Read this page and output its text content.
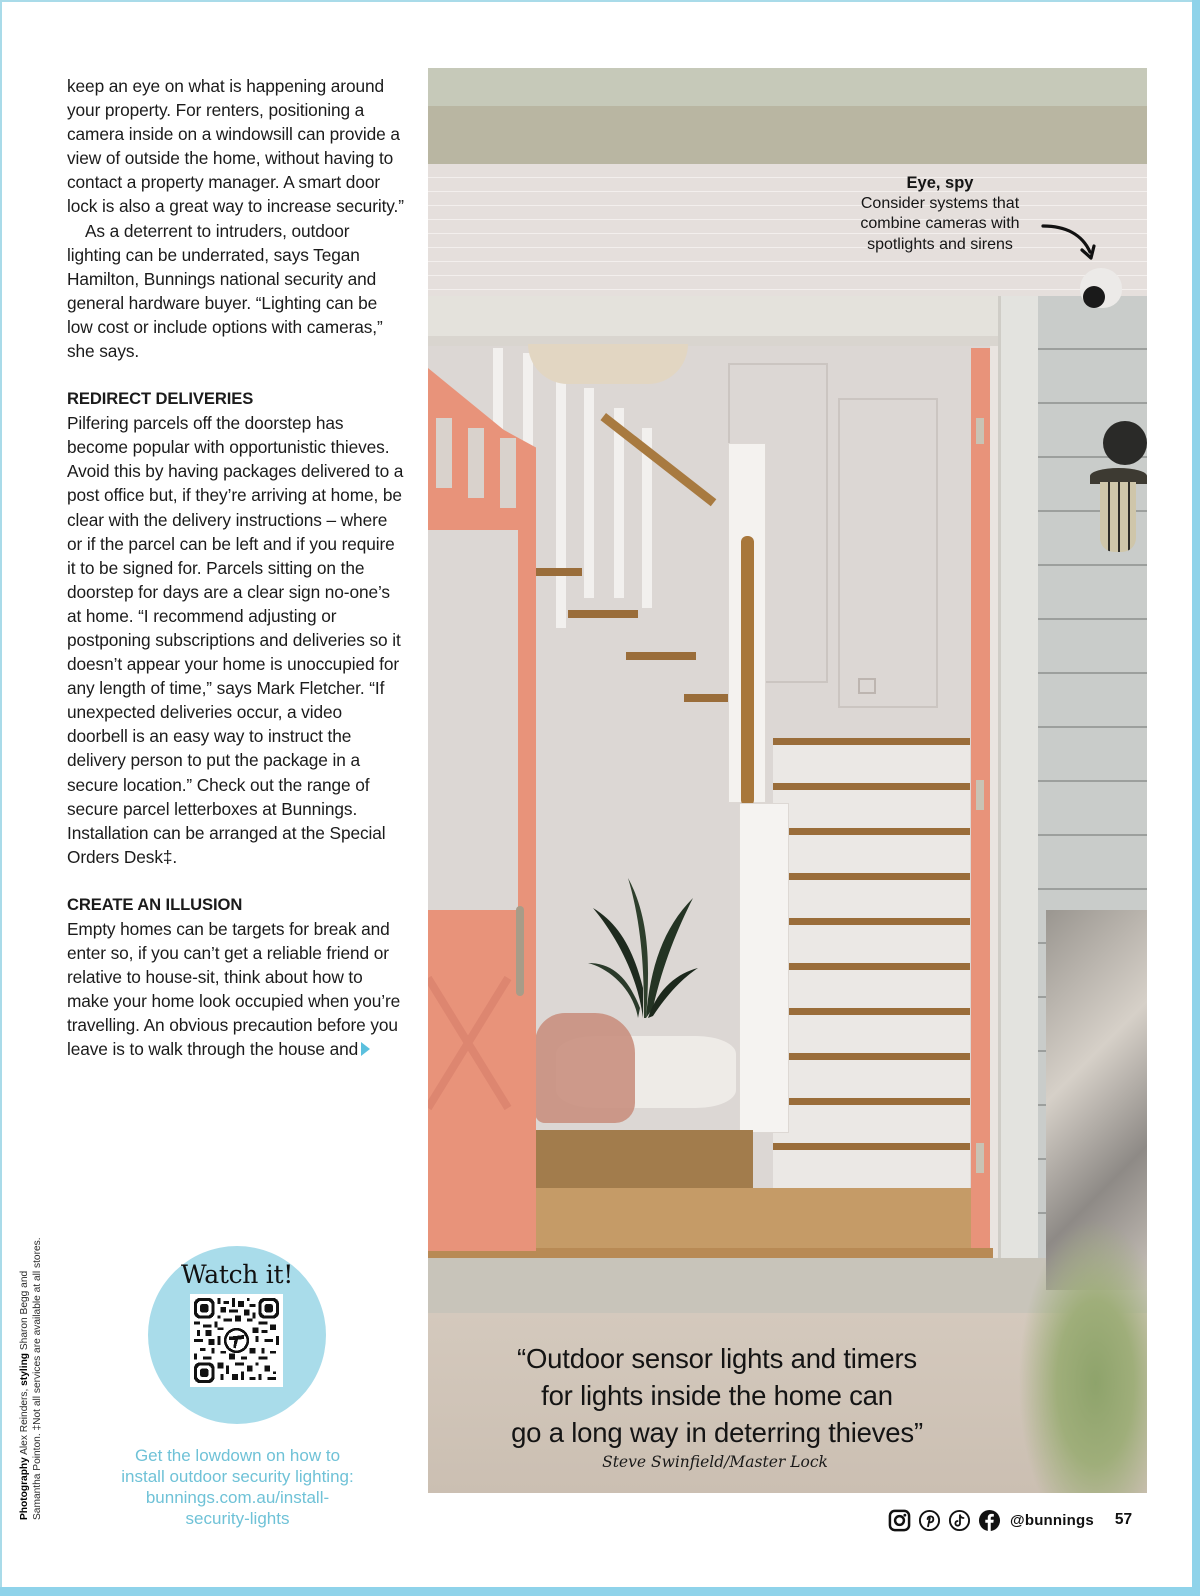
keep an eye on what is happening around your property. For renters, positioning a camera inside on a windowsill can provide a view of outside the home, without having to contact a property manager. A smart door lock is also a great way to increase security.”

As a deterrent to intruders, outdoor lighting can be underrated, says Tegan Hamilton, Bunnings national security and general hardware buyer. “Lighting can be low cost or include options with cameras,” she says.

REDIRECT DELIVERIES

Pilfering parcels off the doorstep has become popular with opportunistic thieves. Avoid this by having packages delivered to a post office but, if they’re arriving at home, be clear with the delivery instructions – where or if the parcel can be left and if you require it to be signed for. Parcels sitting on the doorstep for days are a clear sign no-one’s at home. “I recommend adjusting or postponing subscriptions and deliveries so it doesn’t appear your home is unoccupied for any length of time,” says Mark Fletcher. “If unexpected deliveries occur, a video doorbell is an easy way to instruct the delivery person to put the package in a secure location.” Check out the range of secure parcel letterboxes at Bunnings. Installation can be arranged at the Special Orders Desk‡.

CREATE AN ILLUSION

Empty homes can be targets for break and enter so, if you can’t get a reliable friend or relative to house-sit, think about how to make your home look occupied when you’re travelling. An obvious precaution before you leave is to walk through the house and

Photography Alex Reinders, styling Sharon Begg and Samantha Pointon. ‡Not all services are available at all stores.	Watch it!
Get the lowdown on how to
install outdoor security lighting:
bunnings.com.au/install-
security-lights
Eye, spy
Consider systems that
combine cameras with
spotlights and sirens
“Outdoor sensor lights and timers
for lights inside the home can
go a long way in deterring thieves”
Steve Swinfield/Master Lock
@bunnings 57
